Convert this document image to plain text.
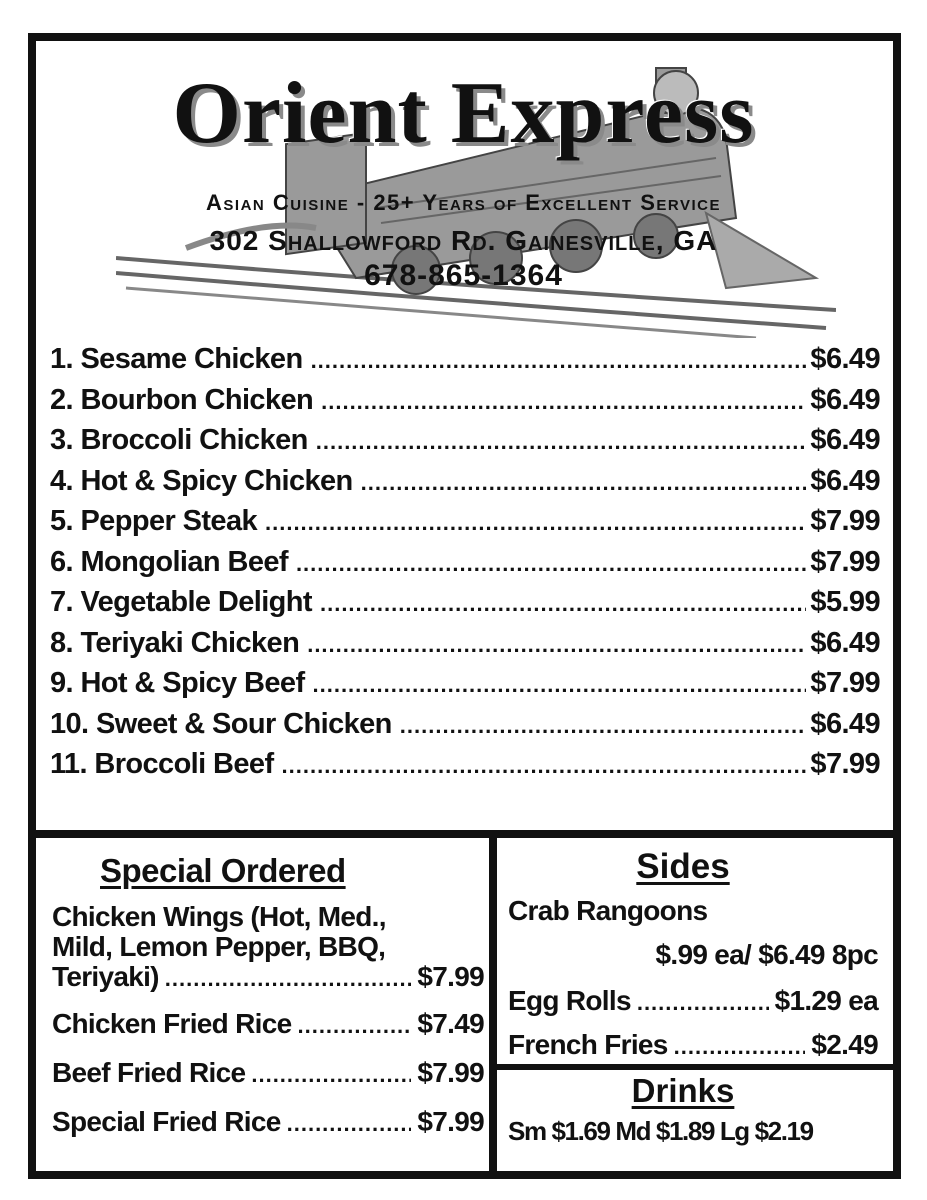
Orient Express
Asian Cuisine - 25+ Years of Excellent Service
302 Shallowford Rd. Gainesville, GA
678-865-1364
1. Sesame Chicken .....	$6.49
2. Bourbon Chicken .....	$6.49
3. Broccoli Chicken .....	$6.49
4. Hot & Spicy Chicken .....	$6.49
5. Pepper Steak .....	$7.99
6. Mongolian Beef .....	$7.99
7. Vegetable Delight .....	$5.99
8. Teriyaki Chicken .....	$6.49
9. Hot & Spicy Beef .....	$7.99
10. Sweet & Sour Chicken .....	$6.49
11. Broccoli Beef .....	$7.99
Special Ordered
Chicken Wings (Hot, Med.,
Mild, Lemon Pepper, BBQ,
Teriyaki) .....	$7.99
Chicken Fried Rice .....	$7.49
Beef Fried Rice .....	$7.99
Special Fried Rice .....	$7.99
Sides
Crab Rangoons
$.99 ea/ $6.49 8pc
Egg Rolls .....	$1.29 ea
French Fries .....	$2.49
Drinks
Sm $1.69 Md $1.89 Lg $2.19
